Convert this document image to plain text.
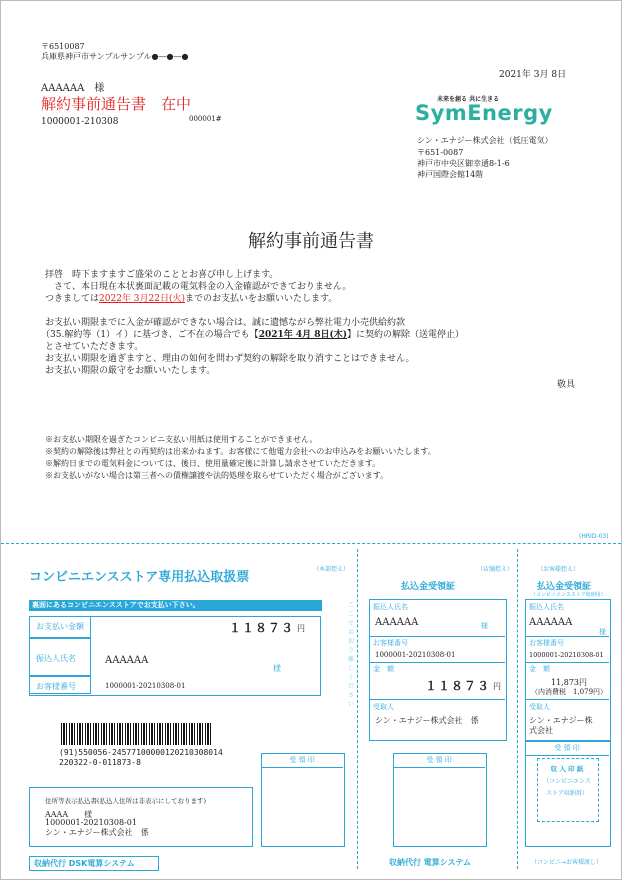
〒6510087
兵庫県神戸市サンプルサンプル●―●―●
AAAAAA　様
解約事前通告書　在中
1000001-210308	000001#
2021年 3月 8日
未来を創る 共に生きる
SymEnergy
シン・エナジー株式会社（低圧電気）
〒651-0087
神戸市中央区御幸通8-1-6
神戸国際会館14階
解約事前通告書
拝啓　時下ますますご盛栄のこととお喜び申し上げます。
　さて、本日現在本状裏面記載の電気料金の入金確認ができておりません。
つきましては2022年 3月22日(火)までのお支払いをお願いいたします。
お支払い期限までに入金が確認ができない場合は、誠に遺憾ながら弊社電力小売供給約款
（35.解約等（1）イ）に基づき、ご不在の場合でも【2021年 4月 8日(木)】に契約の解除（送電停止）
とさせていただきます。
お支払い期限を過ぎますと、理由の如何を問わず契約の解除を取り消すことはできません。
お支払い期限の厳守をお願いいたします。
敬具
※お支払い期限を過ぎたコンビニ支払い用紙は使用することができません。
※契約の解除後は弊社との再契約は出来かねます。お客様にて他電力会社へのお申込みをお願いいたします。
※解約日までの電気料金については、後日、使用量確定後に計算し請求させていただきます。
※お支払いがない場合は第三者への債権譲渡や法的処理を取らせていただく場合がございます。
(HRID-03)
コンビニエンスストア専用払込取扱票
（本部控え）
裏面にあるコンビニエンスストアでお支払い下さい。
お支払い金額	１１８７３ 円
振込人氏名	AAAAAA
様
お客様番号	1000001-20210308-01
(91)550056-24577100000120210308014
220322-0-011873-8	受 領 印
住所等表示払込書(払込人住所は非表示にしております)
AAAA　　様
1000001-20210308-01
シン・エナジー株式会社　係
収納代行 DSK電算システム
（店舗控え）
払込金受領証
振込人氏名
AAAAAA	様
お客様番号
1000001-20210308-01
金　額
１１８７３ 円
受取人
シン・エナジー株式会社　係
受 領 印
収納代行 電算システム
（お客様控え）
払込金受領証
（コンビニエンスストア収納用）
振込人氏名
AAAAAA
様
お客様番号
1000001-20210308-01
金　額
11,873円
（内消費税　1,079円）
受取人
シン・エナジー株
式会社
受 領 印
収 入 印 紙
（コンビニエンス
ストア収納用）
（コンビニ→お客様渡し）
ここでお切り離しください
